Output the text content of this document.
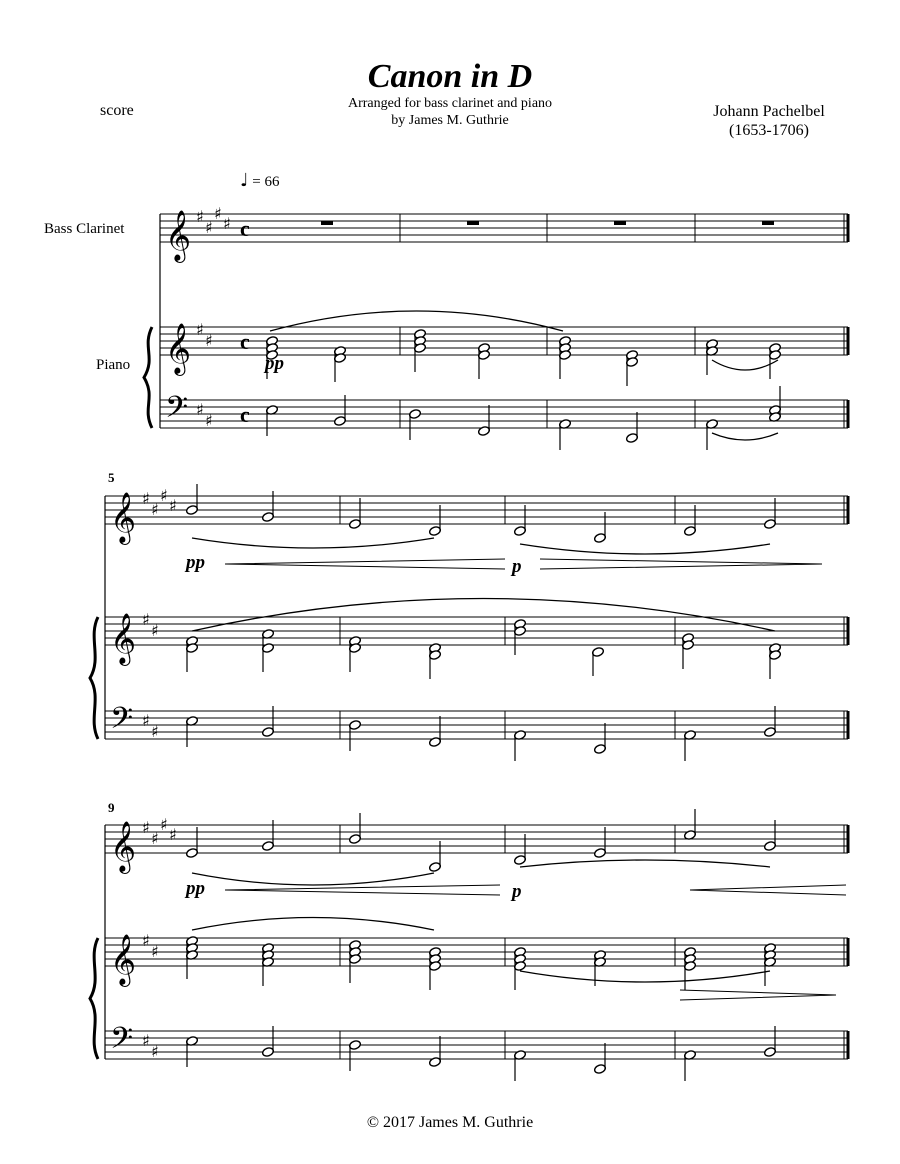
Canon in D
Arranged for bass clarinet and piano
by James M. Guthrie
score	Johann Pachelbel
(1653-1706)
♩ = 66
Bass Clarinet
Piano
5
9
© 2017 James M. Guthrie
𝄞 ♯
♯
♯
♯ c
𝄞 ♯
♯ c
𝄢 ♯
♯ c
pp
𝄞 ♯
♯
♯
♯
𝄞 ♯
♯
𝄢 ♯
♯
pp	p
𝄞 ♯
♯
♯
♯
𝄞 ♯
♯
𝄢 ♯
♯
pp	p
